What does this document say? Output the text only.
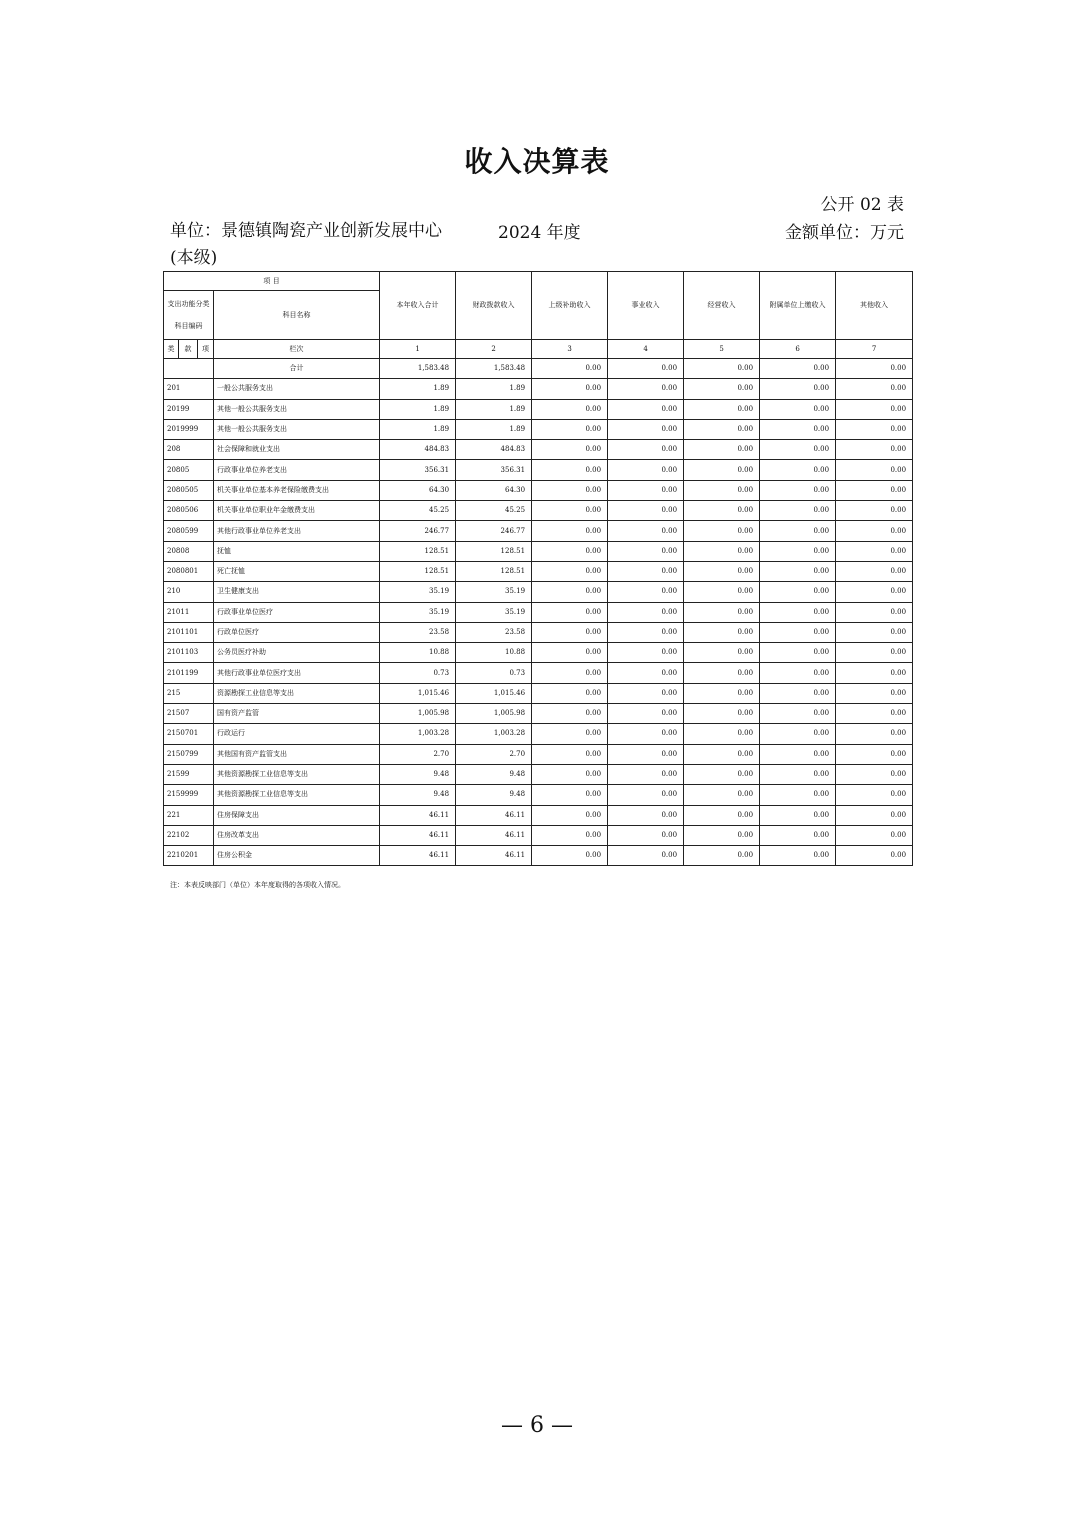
收入决算表
公开 02 表
单位：景德镇陶瓷产业创新发展中心(本级)
2024 年度	金额单位：万元
项 目				本年收入合计	财政拨款收入	上级补助收入	事业收入	经营收入	附属单位上缴收入	其他收入
支出功能分类科目编码			科目名称							
类	款	项								
			栏次	1	2	3	4	5	6	7
			合计	1,583.48	1,583.48	0.00	0.00	0.00	0.00	0.00
201			一般公共服务支出	1.89	1.89	0.00	0.00	0.00	0.00	0.00
20199			其他一般公共服务支出	1.89	1.89	0.00	0.00	0.00	0.00	0.00
2019999			其他一般公共服务支出	1.89	1.89	0.00	0.00	0.00	0.00	0.00
208			社会保障和就业支出	484.83	484.83	0.00	0.00	0.00	0.00	0.00
20805			行政事业单位养老支出	356.31	356.31	0.00	0.00	0.00	0.00	0.00
2080505			机关事业单位基本养老保险缴费支出	64.30	64.30	0.00	0.00	0.00	0.00	0.00
2080506			机关事业单位职业年金缴费支出	45.25	45.25	0.00	0.00	0.00	0.00	0.00
2080599			其他行政事业单位养老支出	246.77	246.77	0.00	0.00	0.00	0.00	0.00
20808			抚恤	128.51	128.51	0.00	0.00	0.00	0.00	0.00
2080801			死亡抚恤	128.51	128.51	0.00	0.00	0.00	0.00	0.00
210			卫生健康支出	35.19	35.19	0.00	0.00	0.00	0.00	0.00
21011			行政事业单位医疗	35.19	35.19	0.00	0.00	0.00	0.00	0.00
2101101			行政单位医疗	23.58	23.58	0.00	0.00	0.00	0.00	0.00
2101103			公务员医疗补助	10.88	10.88	0.00	0.00	0.00	0.00	0.00
2101199			其他行政事业单位医疗支出	0.73	0.73	0.00	0.00	0.00	0.00	0.00
215			资源勘探工业信息等支出	1,015.46	1,015.46	0.00	0.00	0.00	0.00	0.00
21507			国有资产监管	1,005.98	1,005.98	0.00	0.00	0.00	0.00	0.00
2150701			行政运行	1,003.28	1,003.28	0.00	0.00	0.00	0.00	0.00
2150799			其他国有资产监管支出	2.70	2.70	0.00	0.00	0.00	0.00	0.00
21599			其他资源勘探工业信息等支出	9.48	9.48	0.00	0.00	0.00	0.00	0.00
2159999			其他资源勘探工业信息等支出	9.48	9.48	0.00	0.00	0.00	0.00	0.00
221			住房保障支出	46.11	46.11	0.00	0.00	0.00	0.00	0.00
22102			住房改革支出	46.11	46.11	0.00	0.00	0.00	0.00	0.00
2210201			住房公积金	46.11	46.11	0.00	0.00	0.00	0.00	0.00
注：本表反映部门（单位）本年度取得的各项收入情况。
— 6 —
